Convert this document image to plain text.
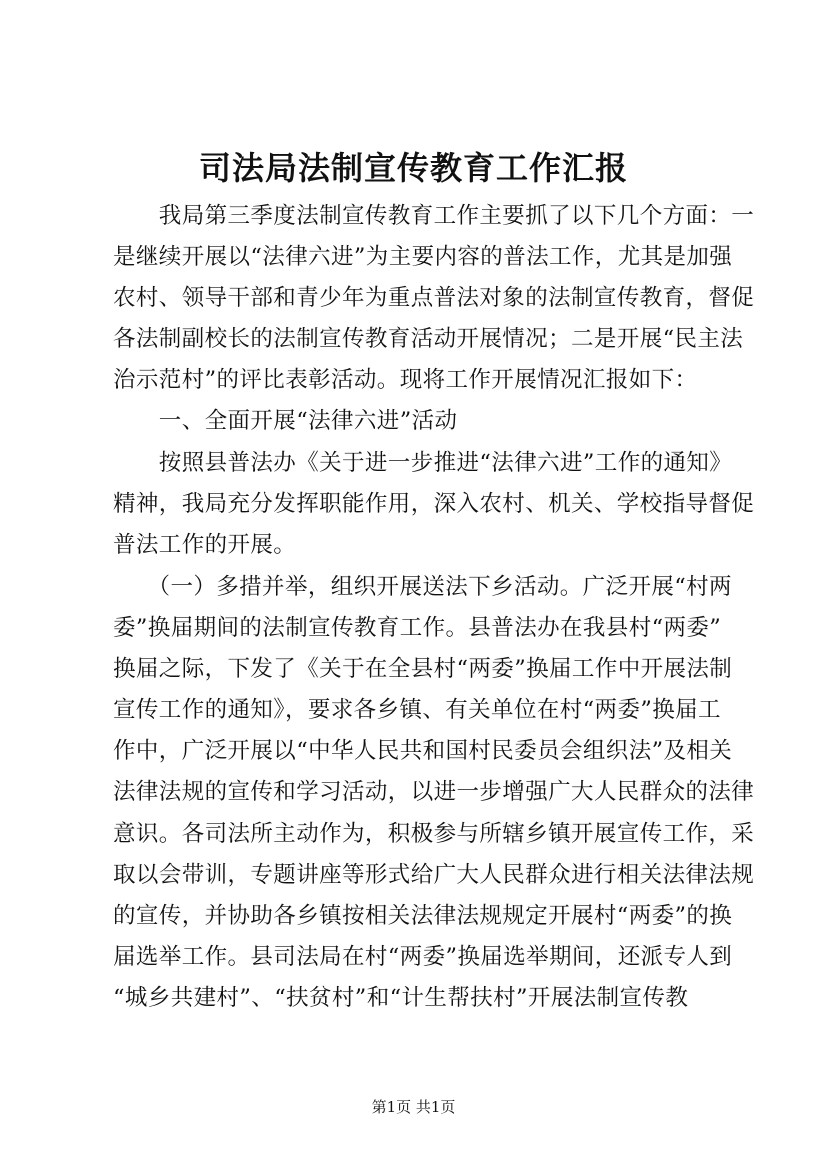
司法局法制宣传教育工作汇报
　　我局第三季度法制宣传教育工作主要抓了以下几个方面：一
是继续开展以“法律六进”为主要内容的普法工作，尤其是加强
农村、领导干部和青少年为重点普法对象的法制宣传教育，督促
各法制副校长的法制宣传教育活动开展情况；二是开展“民主法
治示范村”的评比表彰活动。现将工作开展情况汇报如下：
　　一、全面开展“法律六进”活动
　　按照县普法办《关于进一步推进“法律六进”工作的通知》
精神，我局充分发挥职能作用，深入农村、机关、学校指导督促
普法工作的开展。
　　（一）多措并举，组织开展送法下乡活动。广泛开展“村两
委”换届期间的法制宣传教育工作。县普法办在我县村“两委”
换届之际，下发了《关于在全县村“两委”换届工作中开展法制
宣传工作的通知》，要求各乡镇、有关单位在村“两委”换届工
作中，广泛开展以“中华人民共和国村民委员会组织法”及相关
法律法规的宣传和学习活动，以进一步增强广大人民群众的法律
意识。各司法所主动作为，积极参与所辖乡镇开展宣传工作，采
取以会带训，专题讲座等形式给广大人民群众进行相关法律法规
的宣传，并协助各乡镇按相关法律法规规定开展村“两委”的换
届选举工作。县司法局在村“两委”换届选举期间，还派专人到
“城乡共建村”、“扶贫村”和“计生帮扶村”开展法制宣传教
第1页 共1页
